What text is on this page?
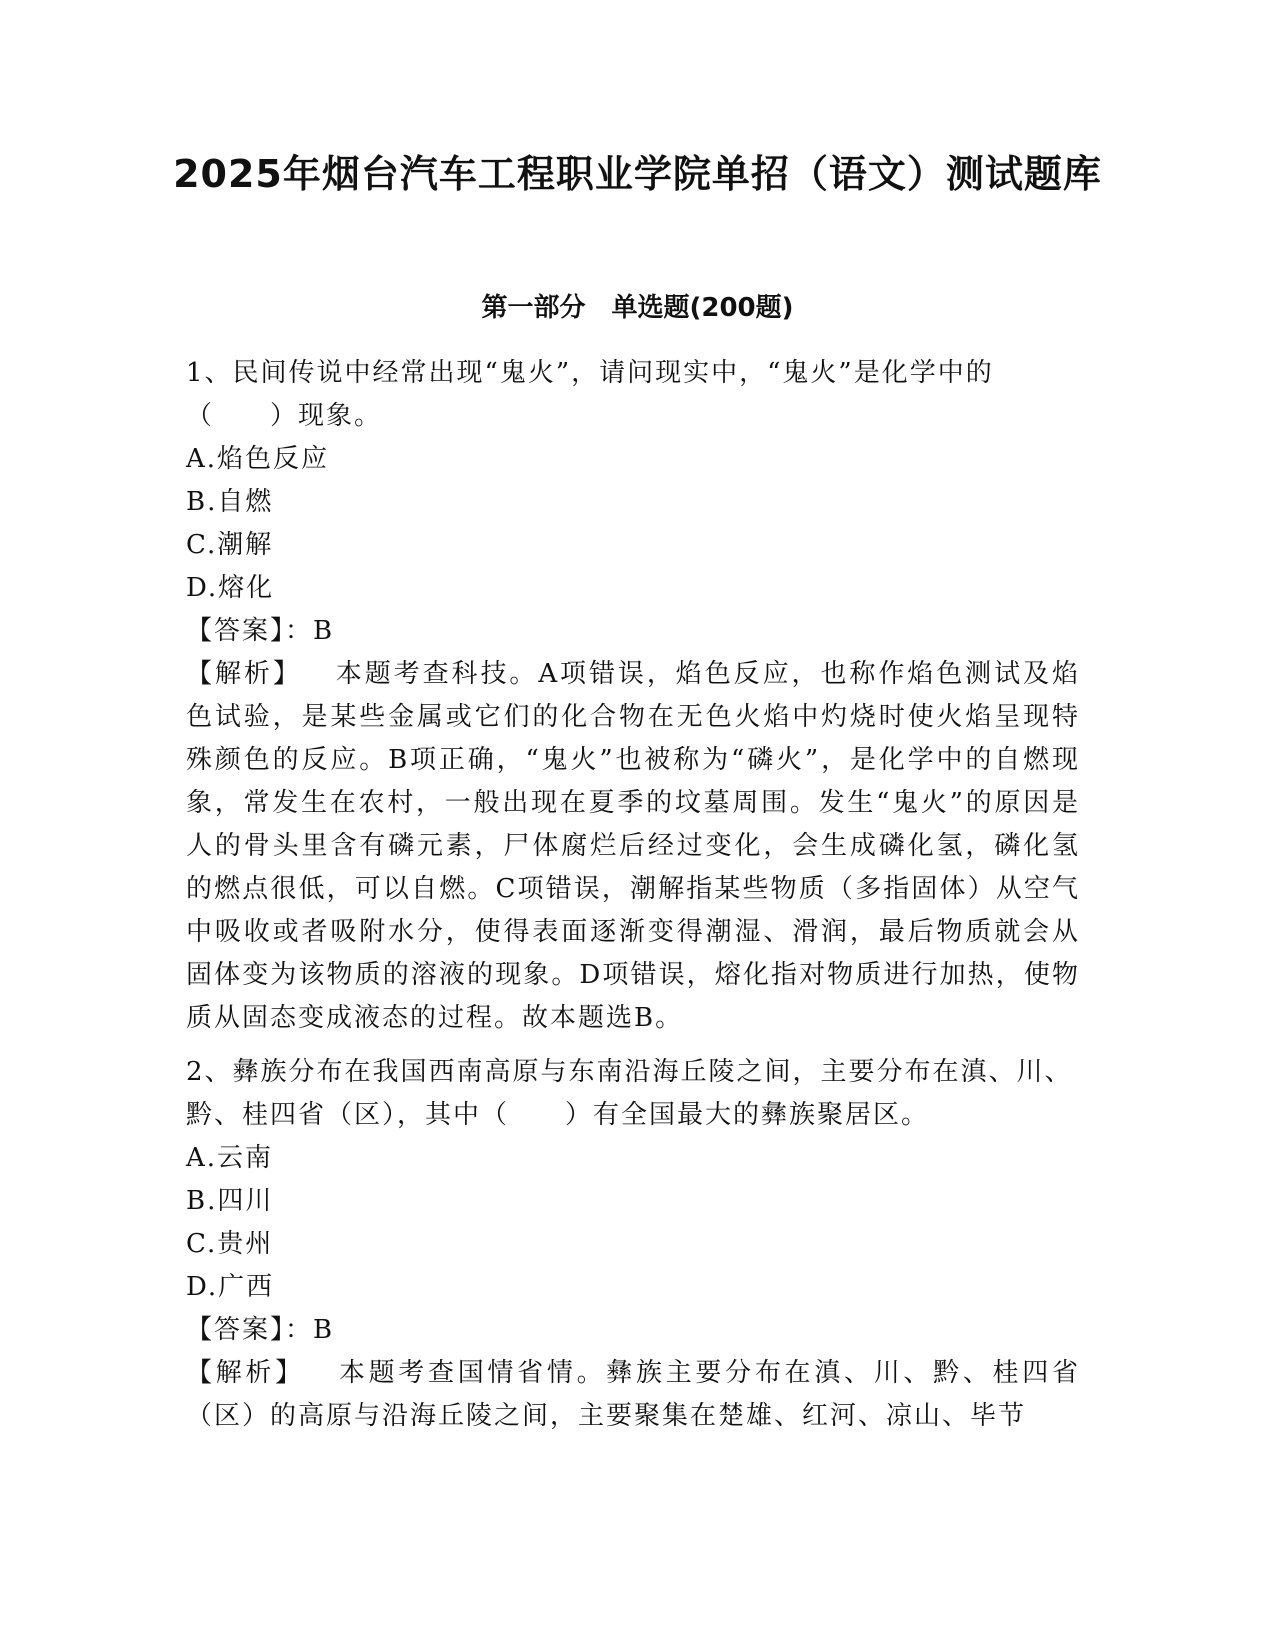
2025年烟台汽车工程职业学院单招（语文）测试题库
第一部分　单选题(200题)

1、民间传说中经常出现“鬼火”，请问现实中，“鬼火”是化学中的（　　）现象。

A.焰色反应

B.自燃

C.潮解

D.熔化

【答案】：B

【解析】 本题考查科技。A项错误，焰色反应，也称作焰色测试及焰色试验，是某些金属或它们的化合物在无色火焰中灼烧时使火焰呈现特殊颜色的反应。B项正确，“鬼火”也被称为“磷火”，是化学中的自燃现象，常发生在农村，一般出现在夏季的坟墓周围。发生“鬼火”的原因是人的骨头里含有磷元素，尸体腐烂后经过变化，会生成磷化氢，磷化氢的燃点很低，可以自燃。C项错误，潮解指某些物质（多指固体）从空气中吸收或者吸附水分，使得表面逐渐变得潮湿、滑润，最后物质就会从固体变为该物质的溶液的现象。D项错误，熔化指对物质进行加热，使物质从固态变成液态的过程。故本题选B。

2、彝族分布在我国西南高原与东南沿海丘陵之间，主要分布在滇、川、黔、桂四省（区），其中（　　）有全国最大的彝族聚居区。

A.云南

B.四川

C.贵州

D.广西

【答案】：B

【解析】 本题考查国情省情。彝族主要分布在滇、川、黔、桂四省（区）的高原与沿海丘陵之间，主要聚集在楚雄、红河、凉山、毕节
